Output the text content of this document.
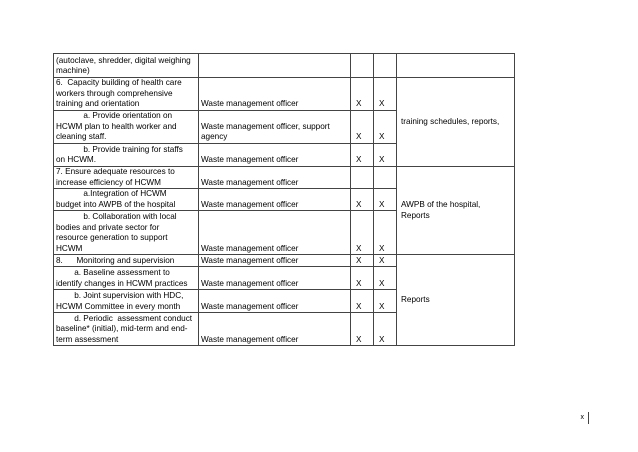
(autoclave, shredder, digital weighing
machine)				
6.  Capacity building of health care
workers through comprehensive
training and orientation	Waste management officer	X	X	training schedules, reports,
a. Provide orientation on
HCWM plan to health worker and
cleaning staff.	Waste management officer, support
agency	X	X	
b. Provide training for staffs
on HCWM.	Waste management officer	X	X	
7. Ensure adequate resources to
increase efficiency of HCWM	Waste management officer			AWPB of the hospital,
Reports
a.Integration of HCWM
budget into AWPB of the hospital	Waste management officer	X	X	
b. Collaboration with local
bodies and private sector for
resource generation to support
HCWM	Waste management officer	X	X	
8.      Monitoring and supervision	Waste management officer	X	X	Reports
a. Baseline assessment to
identify changes in HCWM practices	Waste management officer	X	X	
b. Joint supervision with HDC,
HCWM Committee in every month	Waste management officer	X	X	
d. Periodic  assessment conduct
baseline* (initial), mid-term and end-
term assessment	Waste management officer	X	X	
x
